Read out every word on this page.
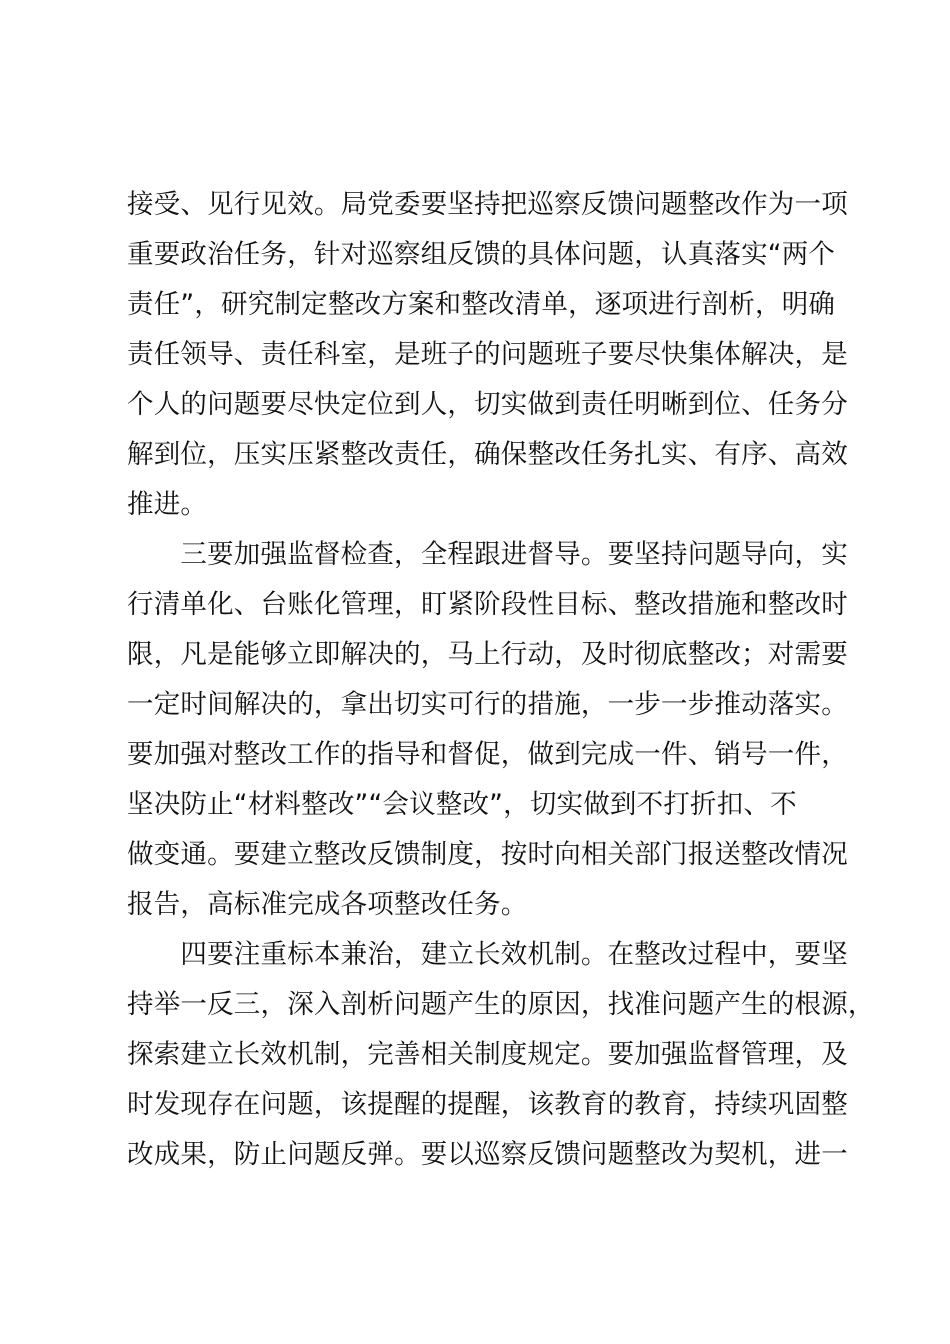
接受、见行见效。局党委要坚持把巡察反馈问题整改作为一项
重要政治任务，针对巡察组反馈的具体问题，认真落实“两个
责任”，研究制定整改方案和整改清单，逐项进行剖析，明确
责任领导、责任科室，是班子的问题班子要尽快集体解决，是
个人的问题要尽快定位到人，切实做到责任明晰到位、任务分
解到位，压实压紧整改责任，确保整改任务扎实、有序、高效
推进。
　　三要加强监督检查，全程跟进督导。要坚持问题导向，实
行清单化、台账化管理，盯紧阶段性目标、整改措施和整改时
限，凡是能够立即解决的，马上行动，及时彻底整改；对需要
一定时间解决的，拿出切实可行的措施，一步一步推动落实。
要加强对整改工作的指导和督促，做到完成一件、销号一件，
坚决防止“材料整改”“会议整改”，切实做到不打折扣、不
做变通。要建立整改反馈制度，按时向相关部门报送整改情况
报告，高标准完成各项整改任务。
　　四要注重标本兼治，建立长效机制。在整改过程中，要坚
持举一反三，深入剖析问题产生的原因，找准问题产生的根源，
探索建立长效机制，完善相关制度规定。要加强监督管理，及
时发现存在问题，该提醒的提醒，该教育的教育，持续巩固整
改成果，防止问题反弹。要以巡察反馈问题整改为契机，进一
